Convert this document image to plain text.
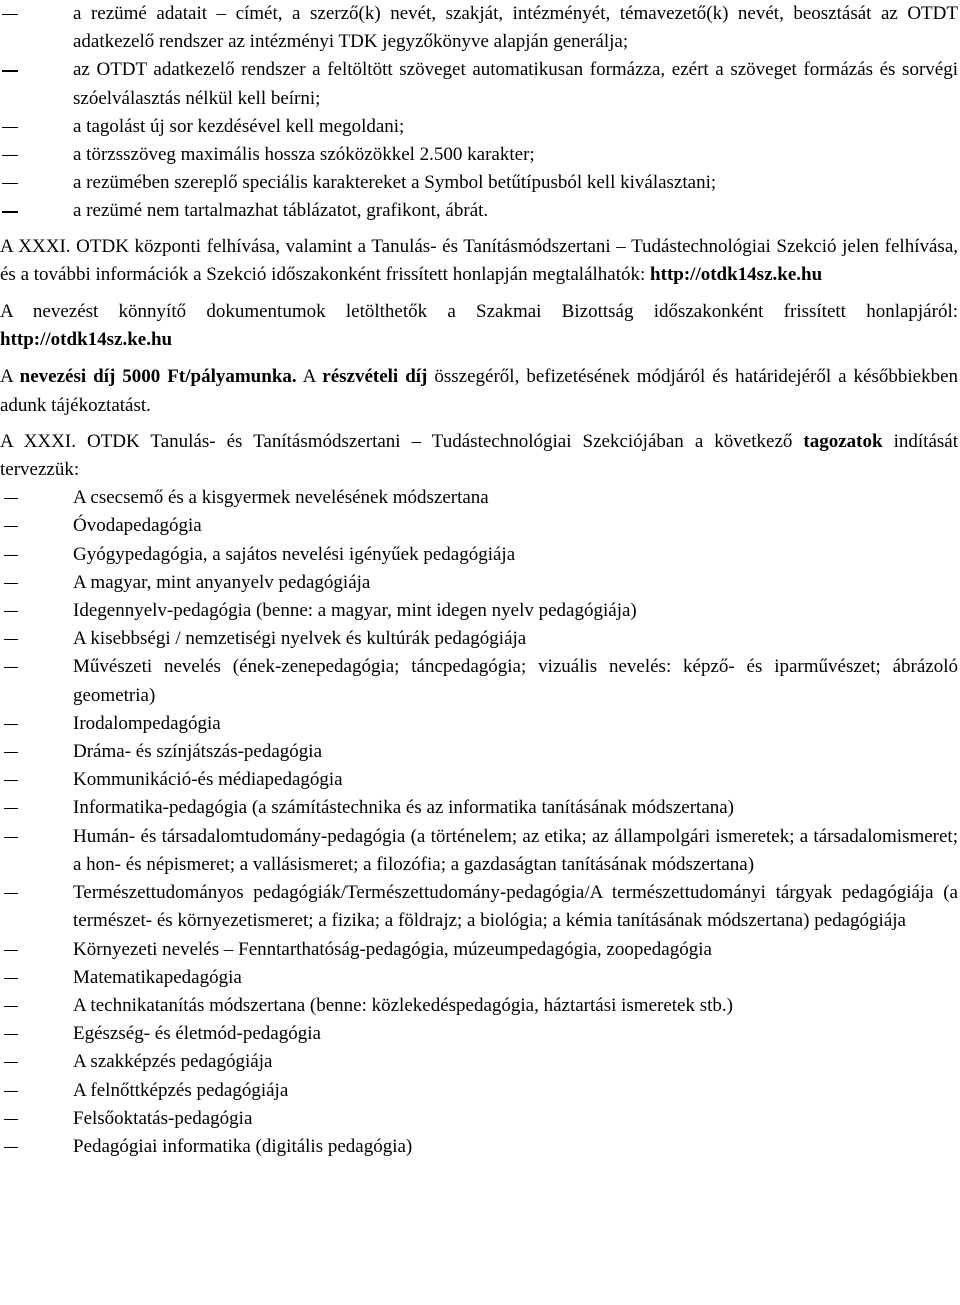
a rezümé adatait – címét, a szerző(k) nevét, szakját, intézményét, témavezető(k) nevét, beosztását az OTDT adatkezelő rendszer az intézményi TDK jegyzőkönyve alapján generálja;
az OTDT adatkezelő rendszer a feltöltött szöveget automatikusan formázza, ezért a szöveget formázás és sorvégi szóelválasztás nélkül kell beírni;
a tagolást új sor kezdésével kell megoldani;
a törzsszöveg maximális hossza szóközökkel 2.500 karakter;
a rezümében szereplő speciális karaktereket a Symbol betűtípusból kell kiválasztani;
a rezümé nem tartalmazhat táblázatot, grafikont, ábrát.

A XXXI. OTDK központi felhívása, valamint a Tanulás- és Tanításmódszertani – Tudástechnológiai Szekció jelen felhívása, és a további információk a Szekció időszakonként frissített honlapján megtalálhatók: http://otdk14sz.ke.hu

A nevezést könnyítő dokumentumok letölthetők a Szakmai Bizottság időszakonként frissített honlapjáról: http://otdk14sz.ke.hu

A nevezési díj 5000 Ft/pályamunka. A részvételi díj összegéről, befizetésének módjáról és határidejéről a későbbiekben adunk tájékoztatást.

A XXXI. OTDK Tanulás- és Tanításmódszertani – Tudástechnológiai Szekciójában a következő tagozatok indítását tervezzük:

A csecsemő és a kisgyermek nevelésének módszertana
Óvodapedagógia
Gyógypedagógia, a sajátos nevelési igényűek pedagógiája
A magyar, mint anyanyelv pedagógiája
Idegennyelv-pedagógia (benne: a magyar, mint idegen nyelv pedagógiája)
A kisebbségi / nemzetiségi nyelvek és kultúrák pedagógiája
Művészeti nevelés (ének-zenepedagógia; táncpedagógia; vizuális nevelés: képző- és iparművészet; ábrázoló geometria)
Irodalompedagógia
Dráma- és színjátszás-pedagógia
Kommunikáció-és médiapedagógia
Informatika-pedagógia (a számítástechnika és az informatika tanításának módszertana)
Humán- és társadalomtudomány-pedagógia (a történelem; az etika; az állampolgári ismeretek; a társadalomismeret; a hon- és népismeret; a vallásismeret; a filozófia; a gazdaságtan tanításának módszertana)
Természettudományos pedagógiák/Természettudomány-pedagógia/A természettudományi tárgyak pedagógiája (a természet- és környezetismeret; a fizika; a földrajz; a biológia; a kémia tanításának módszertana) pedagógiája
Környezeti nevelés – Fenntarthatóság-pedagógia, múzeumpedagógia, zoopedagógia
Matematikapedagógia
A technikatanítás módszertana (benne: közlekedéspedagógia, háztartási ismeretek stb.)
Egészség- és életmód-pedagógia
A szakképzés pedagógiája
A felnőttképzés pedagógiája
Felsőoktatás-pedagógia
Pedagógiai informatika (digitális pedagógia)
